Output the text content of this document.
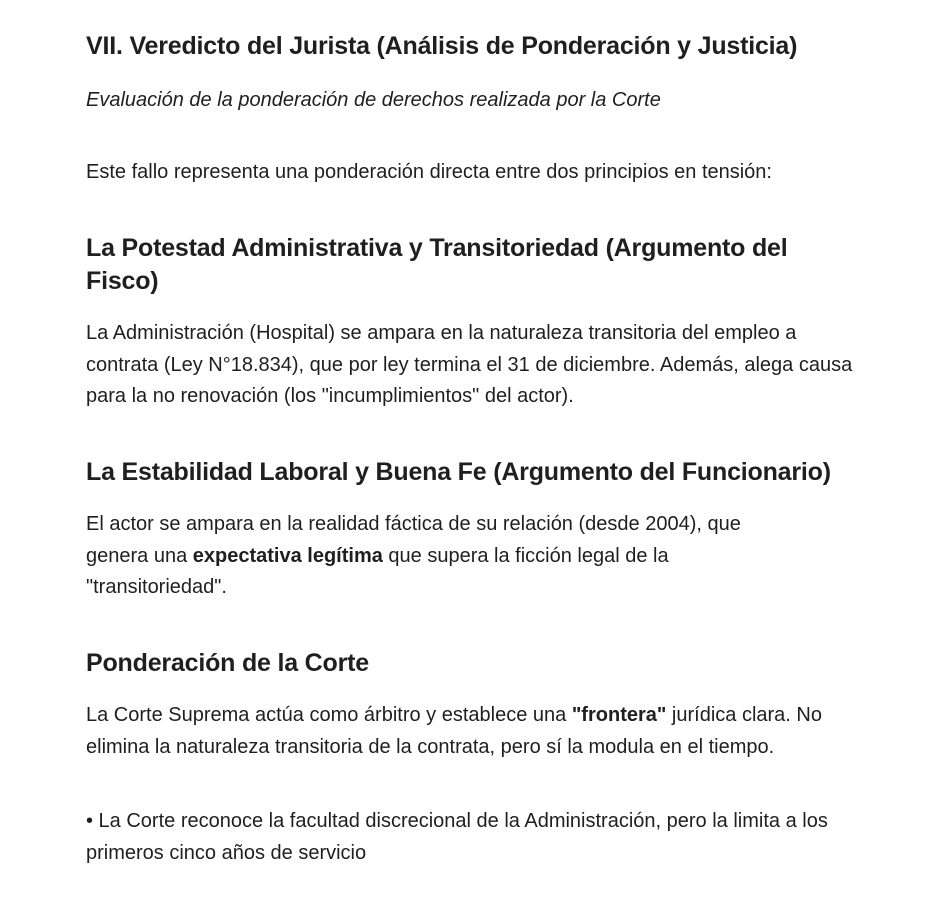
VII. Veredicto del Jurista (Análisis de Ponderación y Justicia)

Evaluación de la ponderación de derechos realizada por la Corte

Este fallo representa una ponderación directa entre dos principios en tensión:

La Potestad Administrativa y Transitoriedad (Argumento del Fisco)

La Administración (Hospital) se ampara en la naturaleza transitoria del empleo a contrata (Ley N°18.834), que por ley termina el 31 de diciembre. Además, alega causa para la no renovación (los "incumplimientos" del actor).

La Estabilidad Laboral y Buena Fe (Argumento del Funcionario)

El actor se ampara en la realidad fáctica de su relación (desde 2004), que genera una expectativa legítima que supera la ficción legal de la "transitoriedad".

Ponderación de la Corte

La Corte Suprema actúa como árbitro y establece una "frontera" jurídica clara. No elimina la naturaleza transitoria de la contrata, pero sí la modula en el tiempo.

• La Corte reconoce la facultad discrecional de la Administración, pero la limita a los primeros cinco años de servicio
